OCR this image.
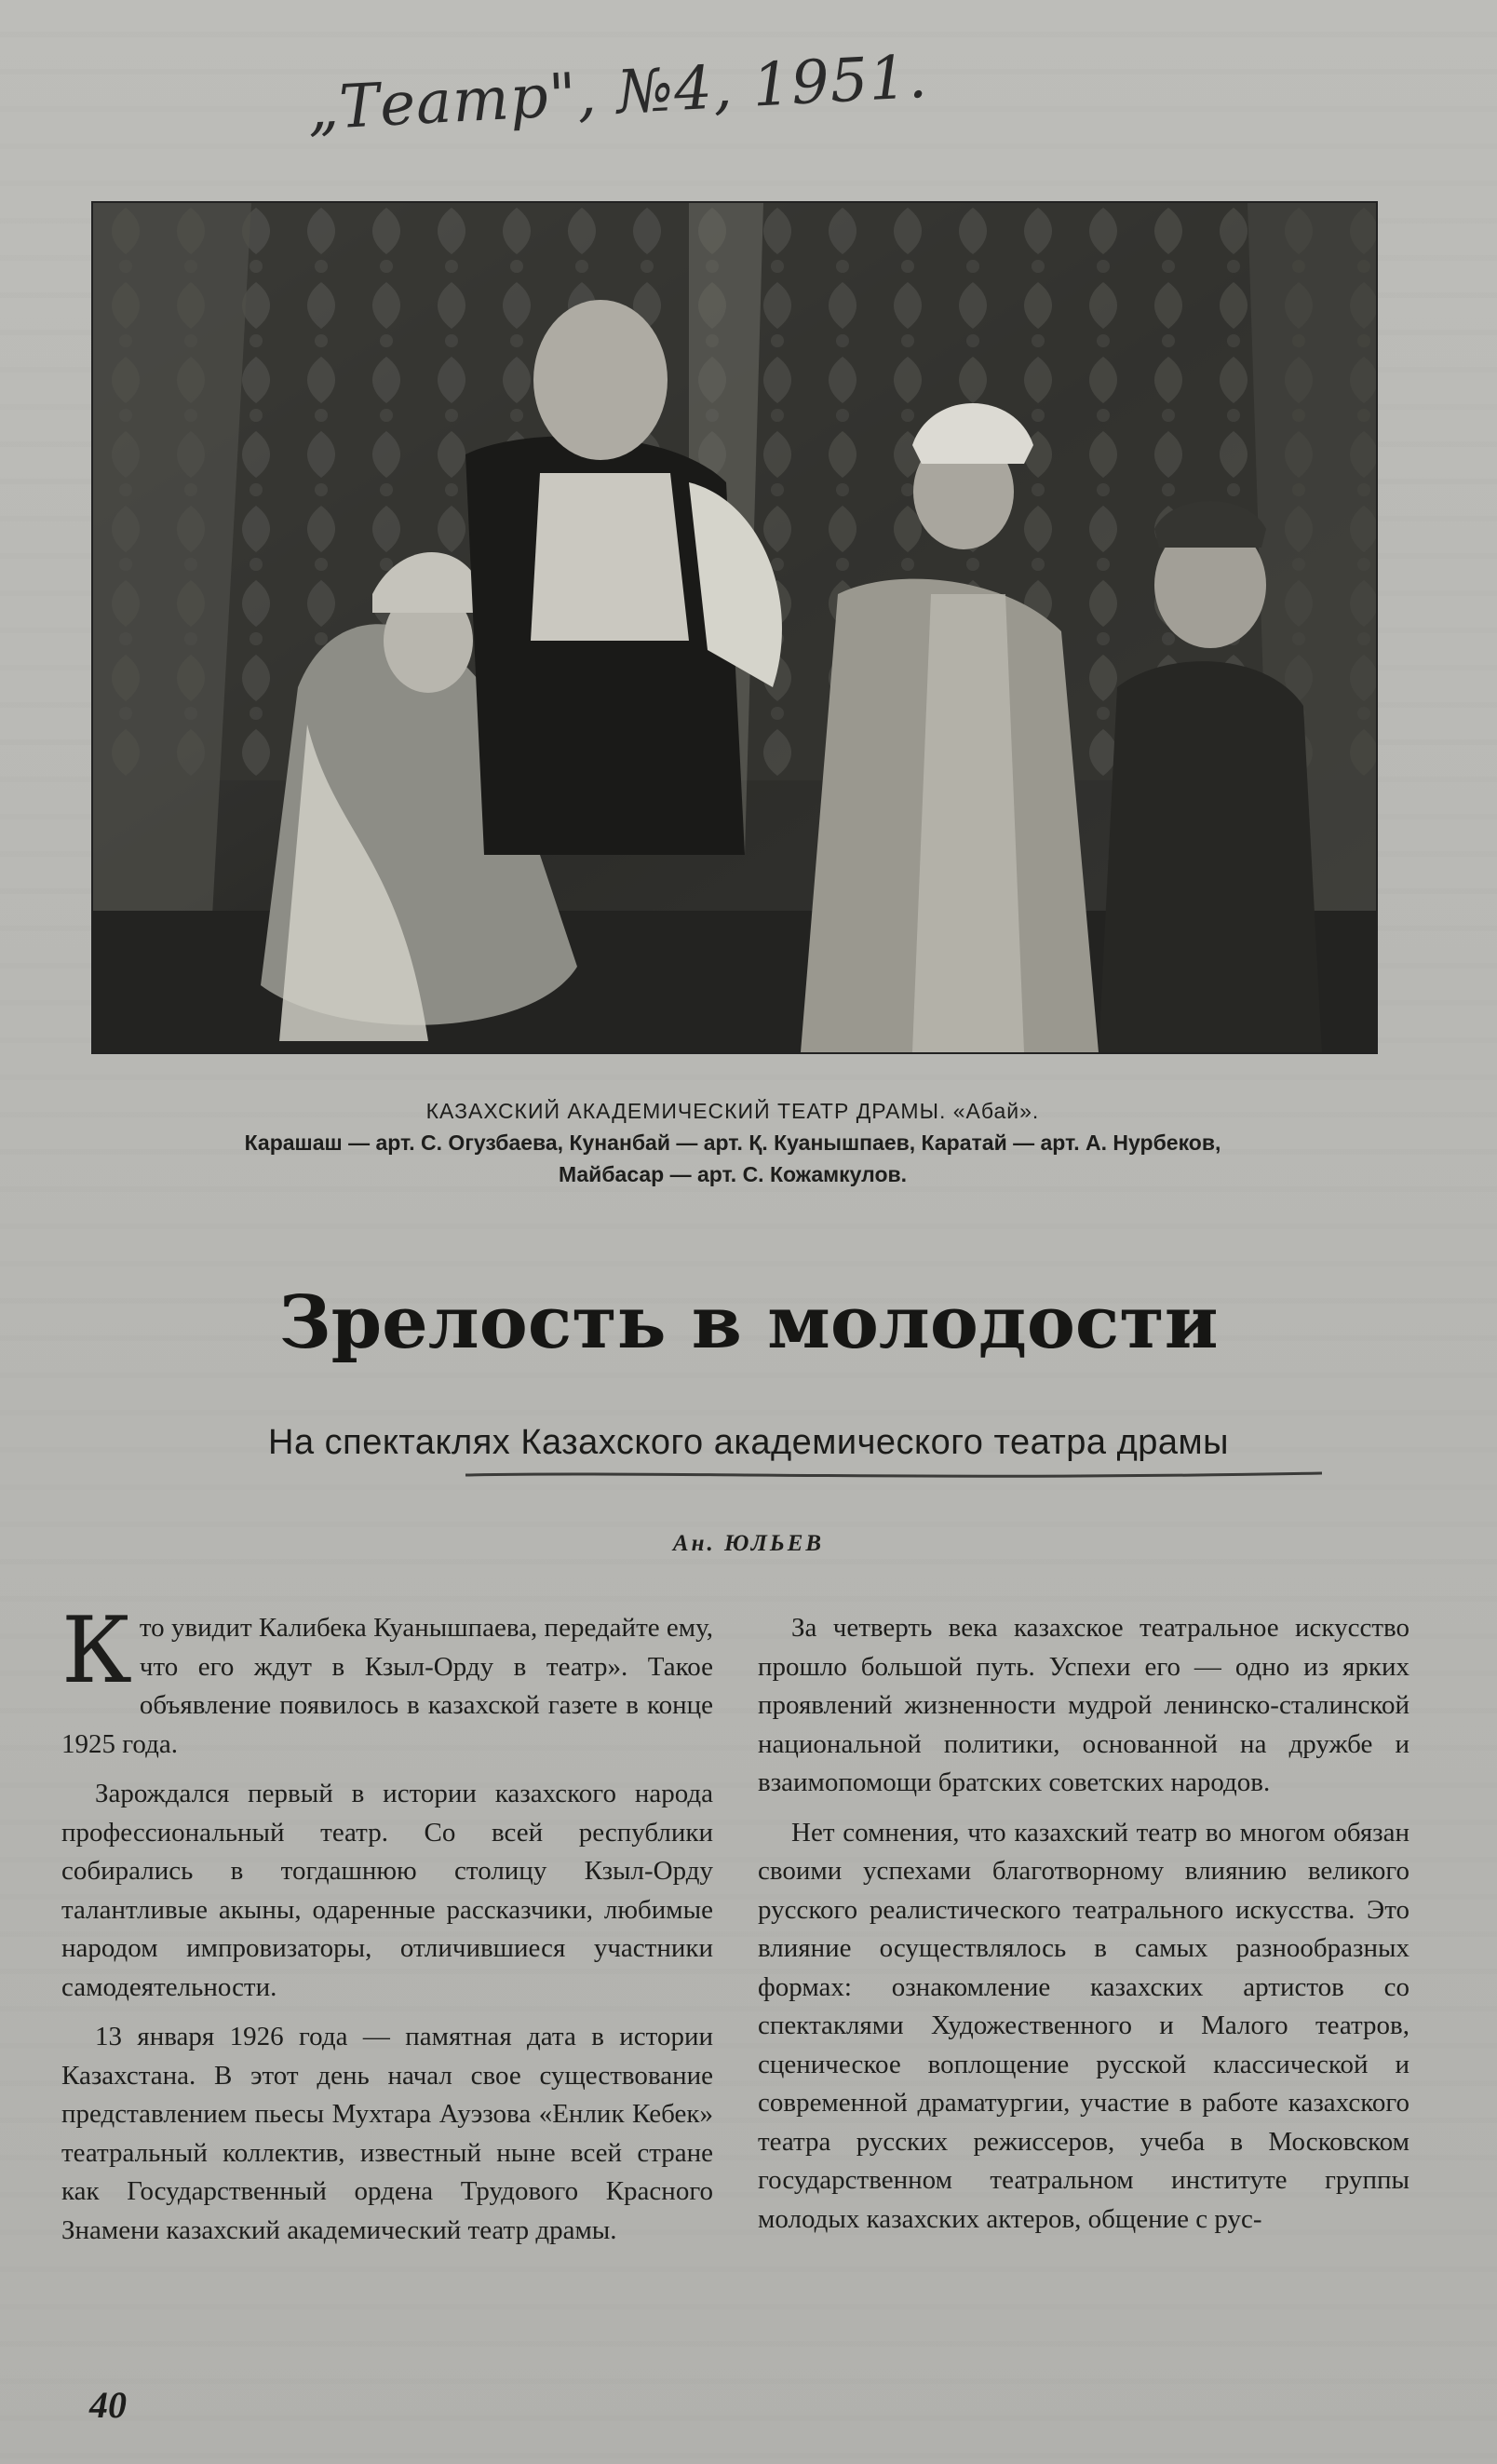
„Театр", №4, 1951.
КАЗАХСКИЙ АКАДЕМИЧЕСКИЙ ТЕАТР ДРАМЫ. «Абай».
Карашаш — арт. С. Огузбаева, Кунанбай — арт. Қ. Куанышпаев, Каратай — арт. А. Нурбеков,
Майбасар — арт. С. Кожамкулов.
Зрелость в молодости
На спектаклях Казахского академического театра драмы
Ан. ЮЛЬЕВ

Кто увидит Калибека Куанышпаева, передайте ему, что его ждут в Кзыл-Орду в театр». Такое объявление появилось в казахской газете в конце 1925 года.

Зарождался первый в истории казахского народа профессиональный театр. Со всей республики собирались в тогдашнюю столицу Кзыл-Орду талантливые акыны, одаренные рассказчики, любимые народом импровизаторы, отличившиеся участники самодеятельности.

13 января 1926 года — памятная дата в истории Казахстана. В этот день начал свое существование представлением пьесы Мухтара Ауэзова «Енлик Кебек» театральный коллектив, известный ныне всей стране как Государственный ордена Трудового Красного Знамени казахский академический театр драмы.

За четверть века казахское театральное искусство прошло большой путь. Успехи его — одно из ярких проявлений жизненности мудрой ленинско-сталинской национальной политики, основанной на дружбе и взаимопомощи братских советских народов.

Нет сомнения, что казахский театр во многом обязан своими успехами благотворному влиянию великого русского реалистического театрального искусства. Это влияние осуществлялось в самых разнообразных формах: ознакомление казахских артистов со спектаклями Художественного и Малого театров, сценическое воплощение русской классической и современной драматургии, участие в работе казахского театра русских режиссеров, учеба в Московском государственном театральном институте группы молодых казахских актеров, общение с рус-

40
